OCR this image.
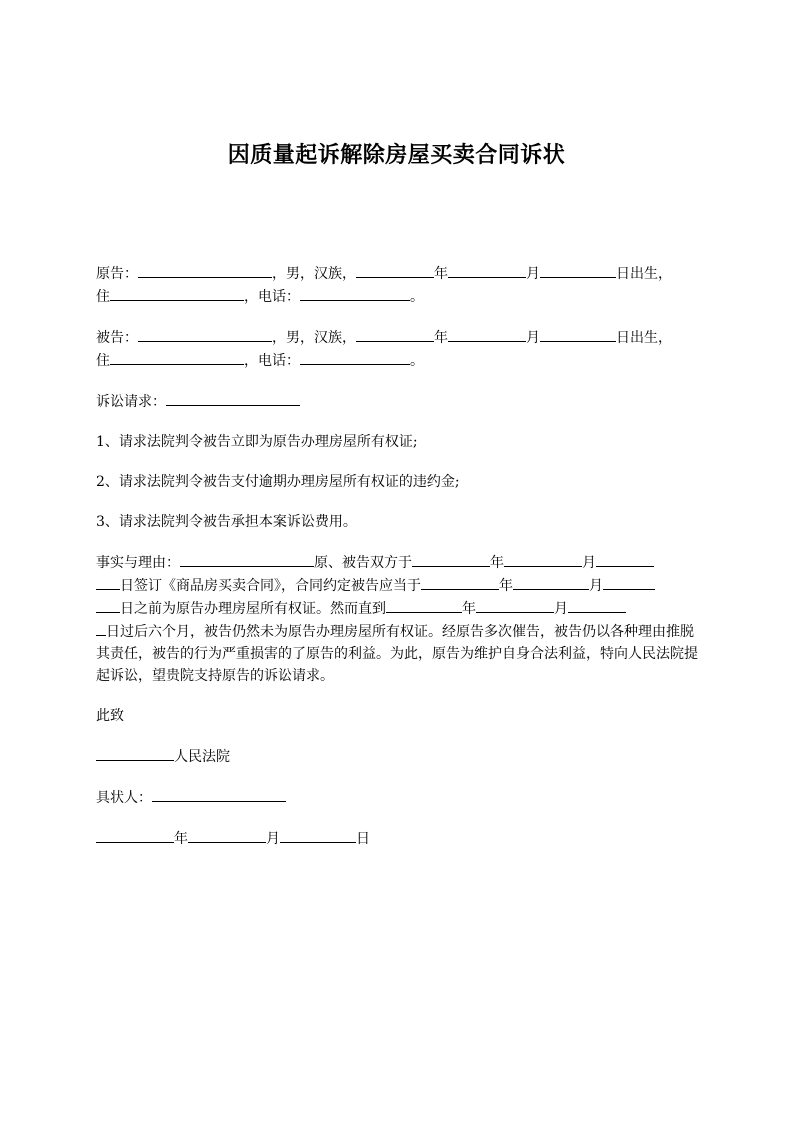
因质量起诉解除房屋买卖合同诉状

原告：	，男，汉族，	年	月	日出生，
住	，电话：	。

被告：	，男，汉族，	年	月	日出生，
住	，电话：	。

诉讼请求：

1、请求法院判令被告立即为原告办理房屋所有权证;

2、请求法院判令被告支付逾期办理房屋所有权证的违约金;

3、请求法院判令被告承担本案诉讼费用。

事实与理由：	原、被告双方于	年	月
日签订《商品房买卖合同》，合同约定被告应当于	年	月
日之前为原告办理房屋所有权证。然而直到	年	月
日过后六个月，被告仍然未为原告办理房屋所有权证。经原告多次催告，被告仍以各种理由推脱其责任，被告的行为严重损害的了原告的利益。为此，原告为维护自身合法利益，特向人民法院提起诉讼，望贵院支持原告的诉讼请求。

此致

人民法院

具状人：

年	月	日
